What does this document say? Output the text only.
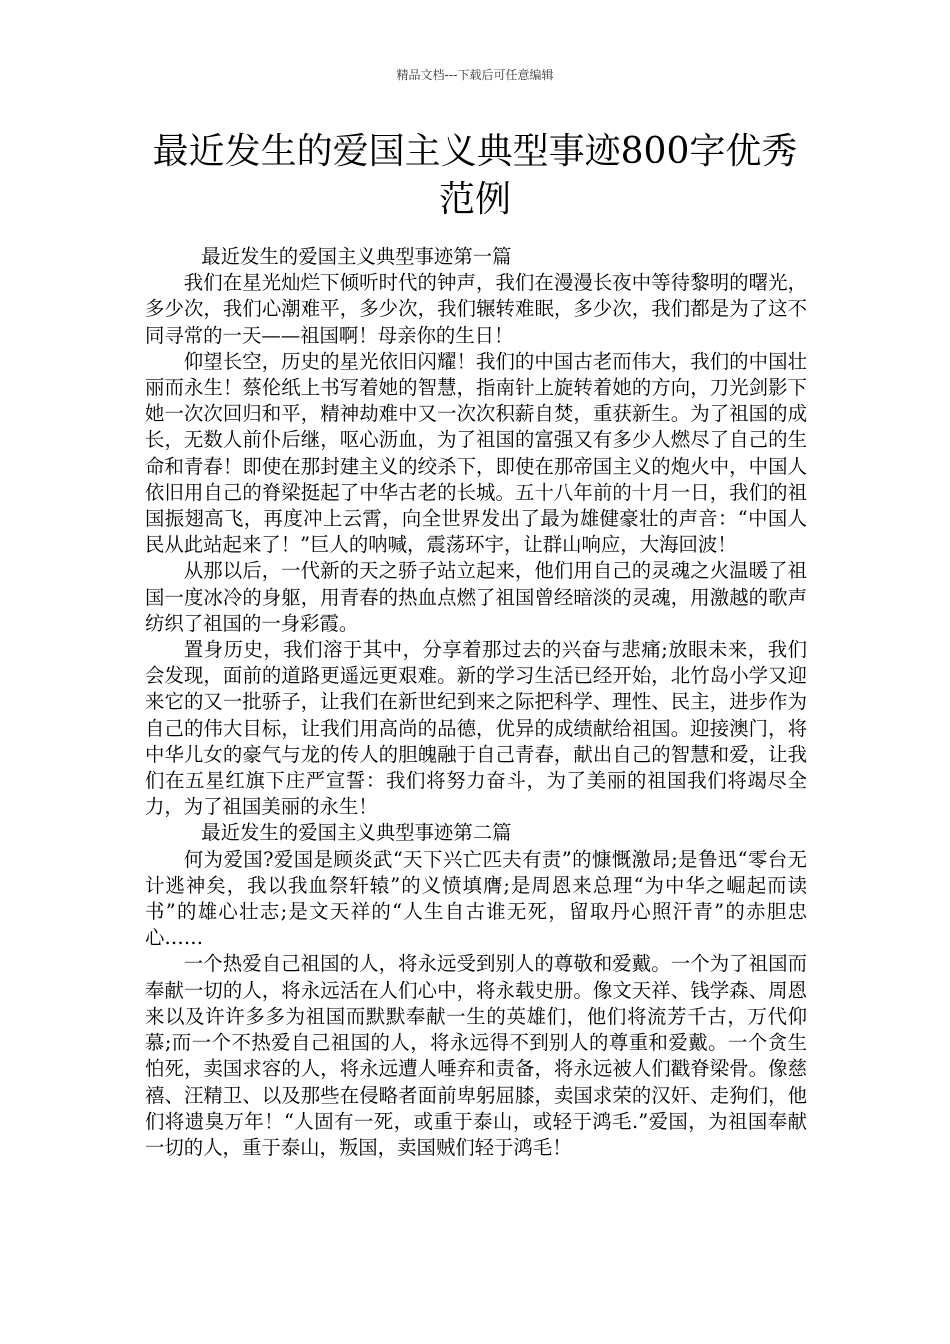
精品文档---下载后可任意编辑
最近发生的爱国主义典型事迹800字优秀
范例

最近发生的爱国主义典型事迹第一篇

我们在星光灿烂下倾听时代的钟声，我们在漫漫长夜中等待黎明的曙光，多少次，我们心潮难平，多少次，我们辗转难眠，多少次，我们都是为了这不同寻常的一天——祖国啊！母亲你的生日！

仰望长空，历史的星光依旧闪耀！我们的中国古老而伟大，我们的中国壮丽而永生！蔡伦纸上书写着她的智慧，指南针上旋转着她的方向，刀光剑影下她一次次回归和平，精神劫难中又一次次积薪自焚，重获新生。为了祖国的成长，无数人前仆后继，呕心沥血，为了祖国的富强又有多少人燃尽了自己的生命和青春！即使在那封建主义的绞杀下，即使在那帝国主义的炮火中，中国人依旧用自己的脊梁挺起了中华古老的长城。五十八年前的十月一日，我们的祖国振翅高飞，再度冲上云霄，向全世界发出了最为雄健豪壮的声音：“中国人民从此站起来了！”巨人的呐喊，震荡环宇，让群山响应，大海回波！

从那以后，一代新的天之骄子站立起来，他们用自己的灵魂之火温暖了祖国一度冰冷的身躯，用青春的热血点燃了祖国曾经暗淡的灵魂，用激越的歌声纺织了祖国的一身彩霞。

置身历史，我们溶于其中，分享着那过去的兴奋与悲痛;放眼未来，我们会发现，面前的道路更遥远更艰难。新的学习生活已经开始，北竹岛小学又迎来它的又一批骄子，让我们在新世纪到来之际把科学、理性、民主，进步作为自己的伟大目标，让我们用高尚的品德，优异的成绩献给祖国。迎接澳门，将中华儿女的豪气与龙的传人的胆魄融于自己青春，献出自己的智慧和爱，让我们在五星红旗下庄严宣誓：我们将努力奋斗，为了美丽的祖国我们将竭尽全力，为了祖国美丽的永生！

最近发生的爱国主义典型事迹第二篇

何为爱国?爱国是顾炎武“天下兴亡匹夫有责”的慷慨激昂;是鲁迅“零台无计逃神矣，我以我血祭轩辕”的义愤填膺;是周恩来总理“为中华之崛起而读书”的雄心壮志;是文天祥的“人生自古谁无死，留取丹心照汗青”的赤胆忠心……

一个热爱自己祖国的人，将永远受到别人的尊敬和爱戴。一个为了祖国而奉献一切的人，将永远活在人们心中，将永载史册。像文天祥、钱学森、周恩来以及许许多多为祖国而默默奉献一生的英雄们，他们将流芳千古，万代仰慕;而一个不热爱自己祖国的人，将永远得不到别人的尊重和爱戴。一个贪生怕死，卖国求容的人，将永远遭人唾弃和责备，将永远被人们戳脊梁骨。像慈禧、汪精卫、以及那些在侵略者面前卑躬屈膝，卖国求荣的汉奸、走狗们，他们将遗臭万年！“人固有一死，或重于泰山，或轻于鸿毛.”爱国，为祖国奉献一切的人，重于泰山，叛国，卖国贼们轻于鸿毛！
